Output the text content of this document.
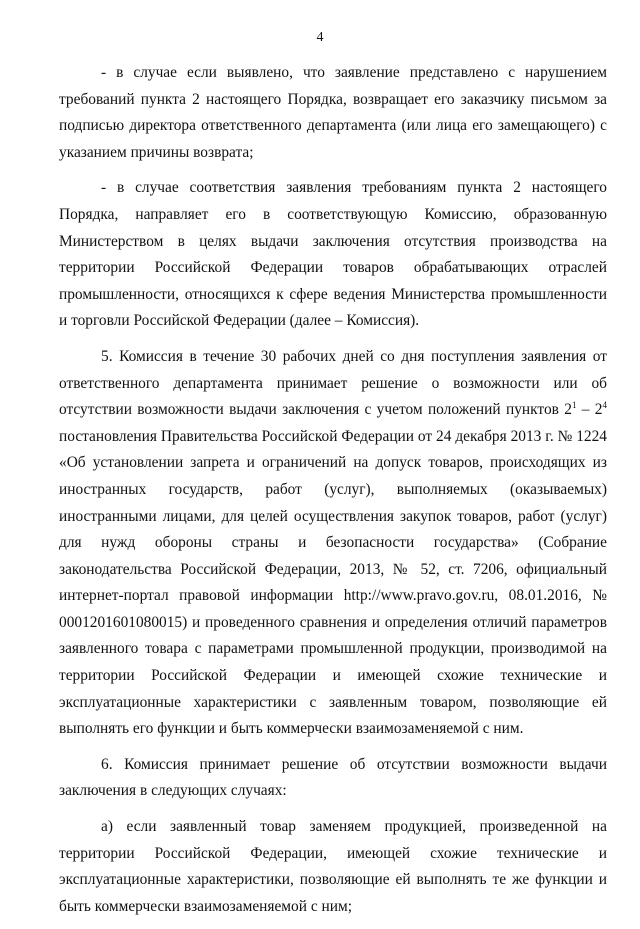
4

- в случае если выявлено, что заявление представлено с нарушением требований пункта 2 настоящего Порядка, возвращает его заказчику письмом за подписью директора ответственного департамента (или лица его замещающего) с указанием причины возврата;

- в случае соответствия заявления требованиям пункта 2 настоящего Порядка, направляет его в соответствующую Комиссию, образованную Министерством в целях выдачи заключения отсутствия производства на территории Российской Федерации товаров обрабатывающих отраслей промышленности, относящихся к сфере ведения Министерства промышленности и торговли Российской Федерации (далее – Комиссия).

5. Комиссия в течение 30 рабочих дней со дня поступления заявления от ответственного департамента принимает решение о возможности или об отсутствии возможности выдачи заключения с учетом положений пунктов $2^1 - 2^4$ постановления Правительства Российской Федерации от 24 декабря 2013 г. № 1224 «Об установлении запрета и ограничений на допуск товаров, происходящих из иностранных государств, работ (услуг), выполняемых (оказываемых) иностранными лицами, для целей осуществления закупок товаров, работ (услуг) для нужд обороны страны и безопасности государства» (Собрание законодательства Российской Федерации, 2013, № 52, ст. 7206, официальный интернет-портал правовой информации http://www.pravo.gov.ru, 08.01.2016, № 0001201601080015) и проведенного сравнения и определения отличий параметров заявленного товара с параметрами промышленной продукции, производимой на территории Российской Федерации и имеющей схожие технические и эксплуатационные характеристики с заявленным товаром, позволяющие ей выполнять его функции и быть коммерчески взаимозаменяемой с ним.

6. Комиссия принимает решение об отсутствии возможности выдачи заключения в следующих случаях:

а) если заявленный товар заменяем продукцией, произведенной на территории Российской Федерации, имеющей схожие технические и эксплуатационные характеристики, позволяющие ей выполнять те же функции и быть коммерчески взаимозаменяемой с ним;
